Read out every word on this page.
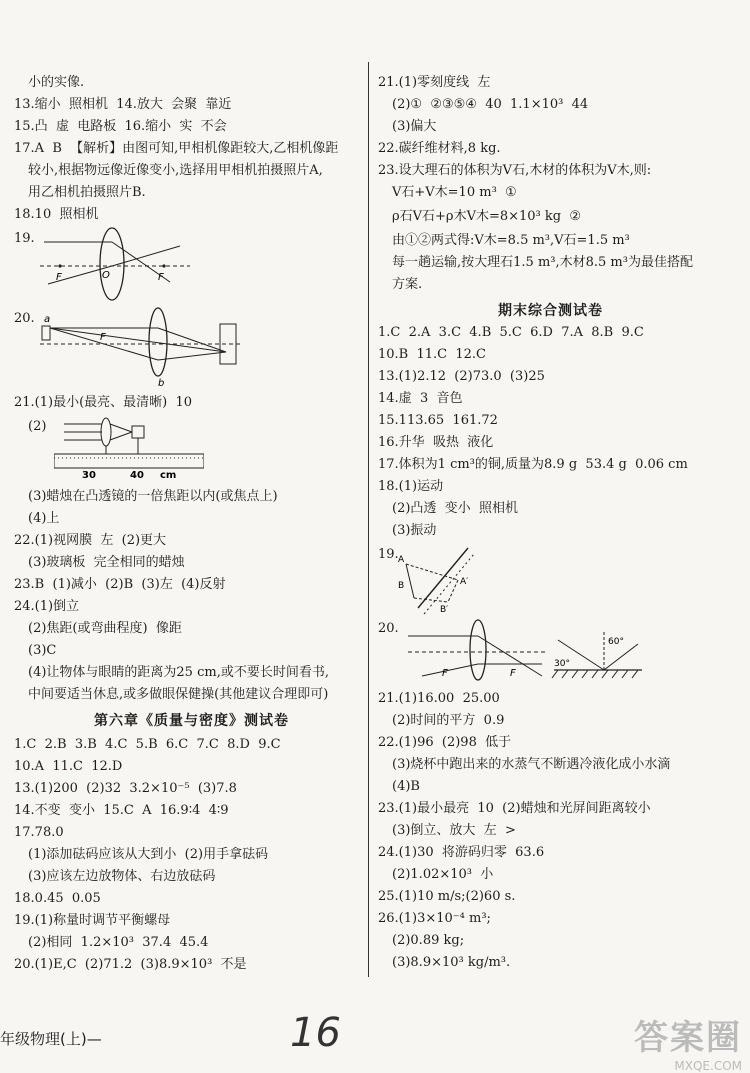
第六章《质量与密度》测试卷
F	O	F
a
b
F
30	40 cm
小的实像.
13.缩小  照相机  14.放大  会聚  靠近
15.凸  虚  电路板  16.缩小  实  不会
17.A  B  【解析】由图可知,甲相机像距较大,乙相机像距
较小,根据物远像近像变小,选择用甲相机拍摄照片A,
用乙相机拍摄照片B.
18.10  照相机
19.
20.
21.(1)最小(最亮、最清晰)  10
(2)
(3)蜡烛在凸透镜的一倍焦距以内(或焦点上)
(4)上
22.(1)视网膜  左  (2)更大
(3)玻璃板  完全相同的蜡烛
23.B  (1)减小  (2)B  (3)左  (4)反射
24.(1)倒立
(2)焦距(或弯曲程度)  像距
(3)C
(4)让物体与眼睛的距离为25 cm,或不要长时间看书,
中间要适当休息,或多做眼保健操(其他建议合理即可)
1.C  2.B  3.B  4.C  5.B  6.C  7.C  8.D  9.C
10.A  11.C  12.D
13.(1)200  (2)32  3.2×10⁻⁵  (3)7.8
14.不变  变小  15.C  A  16.9∶4  4∶9
17.78.0
(1)添加砝码应该从大到小  (2)用手拿砝码
(3)应该左边放物体、右边放砝码
18.0.45  0.05
19.(1)称量时调节平衡螺母
(2)相同  1.2×10³  37.4  45.4
20.(1)E,C  (2)71.2  (3)8.9×10³  不是
期末综合测试卷
A
B	A′
B′
F	F
30°
60°
21.(1)零刻度线  左
(2)①  ②③⑤④  40  1.1×10³  44
(3)偏大
22.碳纤维材料,8 kg.
23.设大理石的体积为V石,木材的体积为V木,则:
V石+V木=10 m³  ①
ρ石V石+ρ木V木=8×10³ kg  ②
由①②两式得:V木=8.5 m³,V石=1.5 m³
每一趟运输,按大理石1.5 m³,木材8.5 m³为最佳搭配
方案.
1.C  2.A  3.C  4.B  5.C  6.D  7.A  8.B  9.C
10.B  11.C  12.C
13.(1)2.12  (2)73.0  (3)25
14.虚  3  音色
15.113.65  161.72
16.升华  吸热  液化
17.体积为1 cm³的铜,质量为8.9 g  53.4 g  0.06 cm
18.(1)运动
(2)凸透  变小  照相机
(3)振动
19.
20.
21.(1)16.00  25.00
(2)时间的平方  0.9
22.(1)96  (2)98  低于
(3)烧杯中跑出来的水蒸气不断遇冷液化成小水滴
(4)B
23.(1)最小最亮  10  (2)蜡烛和光屏间距离较小
(3)倒立、放大  左  >
24.(1)30  将游码归零  63.6
(2)1.02×10³  小
25.(1)10 m/s;(2)60 s.
26.(1)3×10⁻⁴ m³;
(2)0.89 kg;
(3)8.9×10³ kg/m³.
年级物理(上)—	16	答案圈
MXQE.COM
